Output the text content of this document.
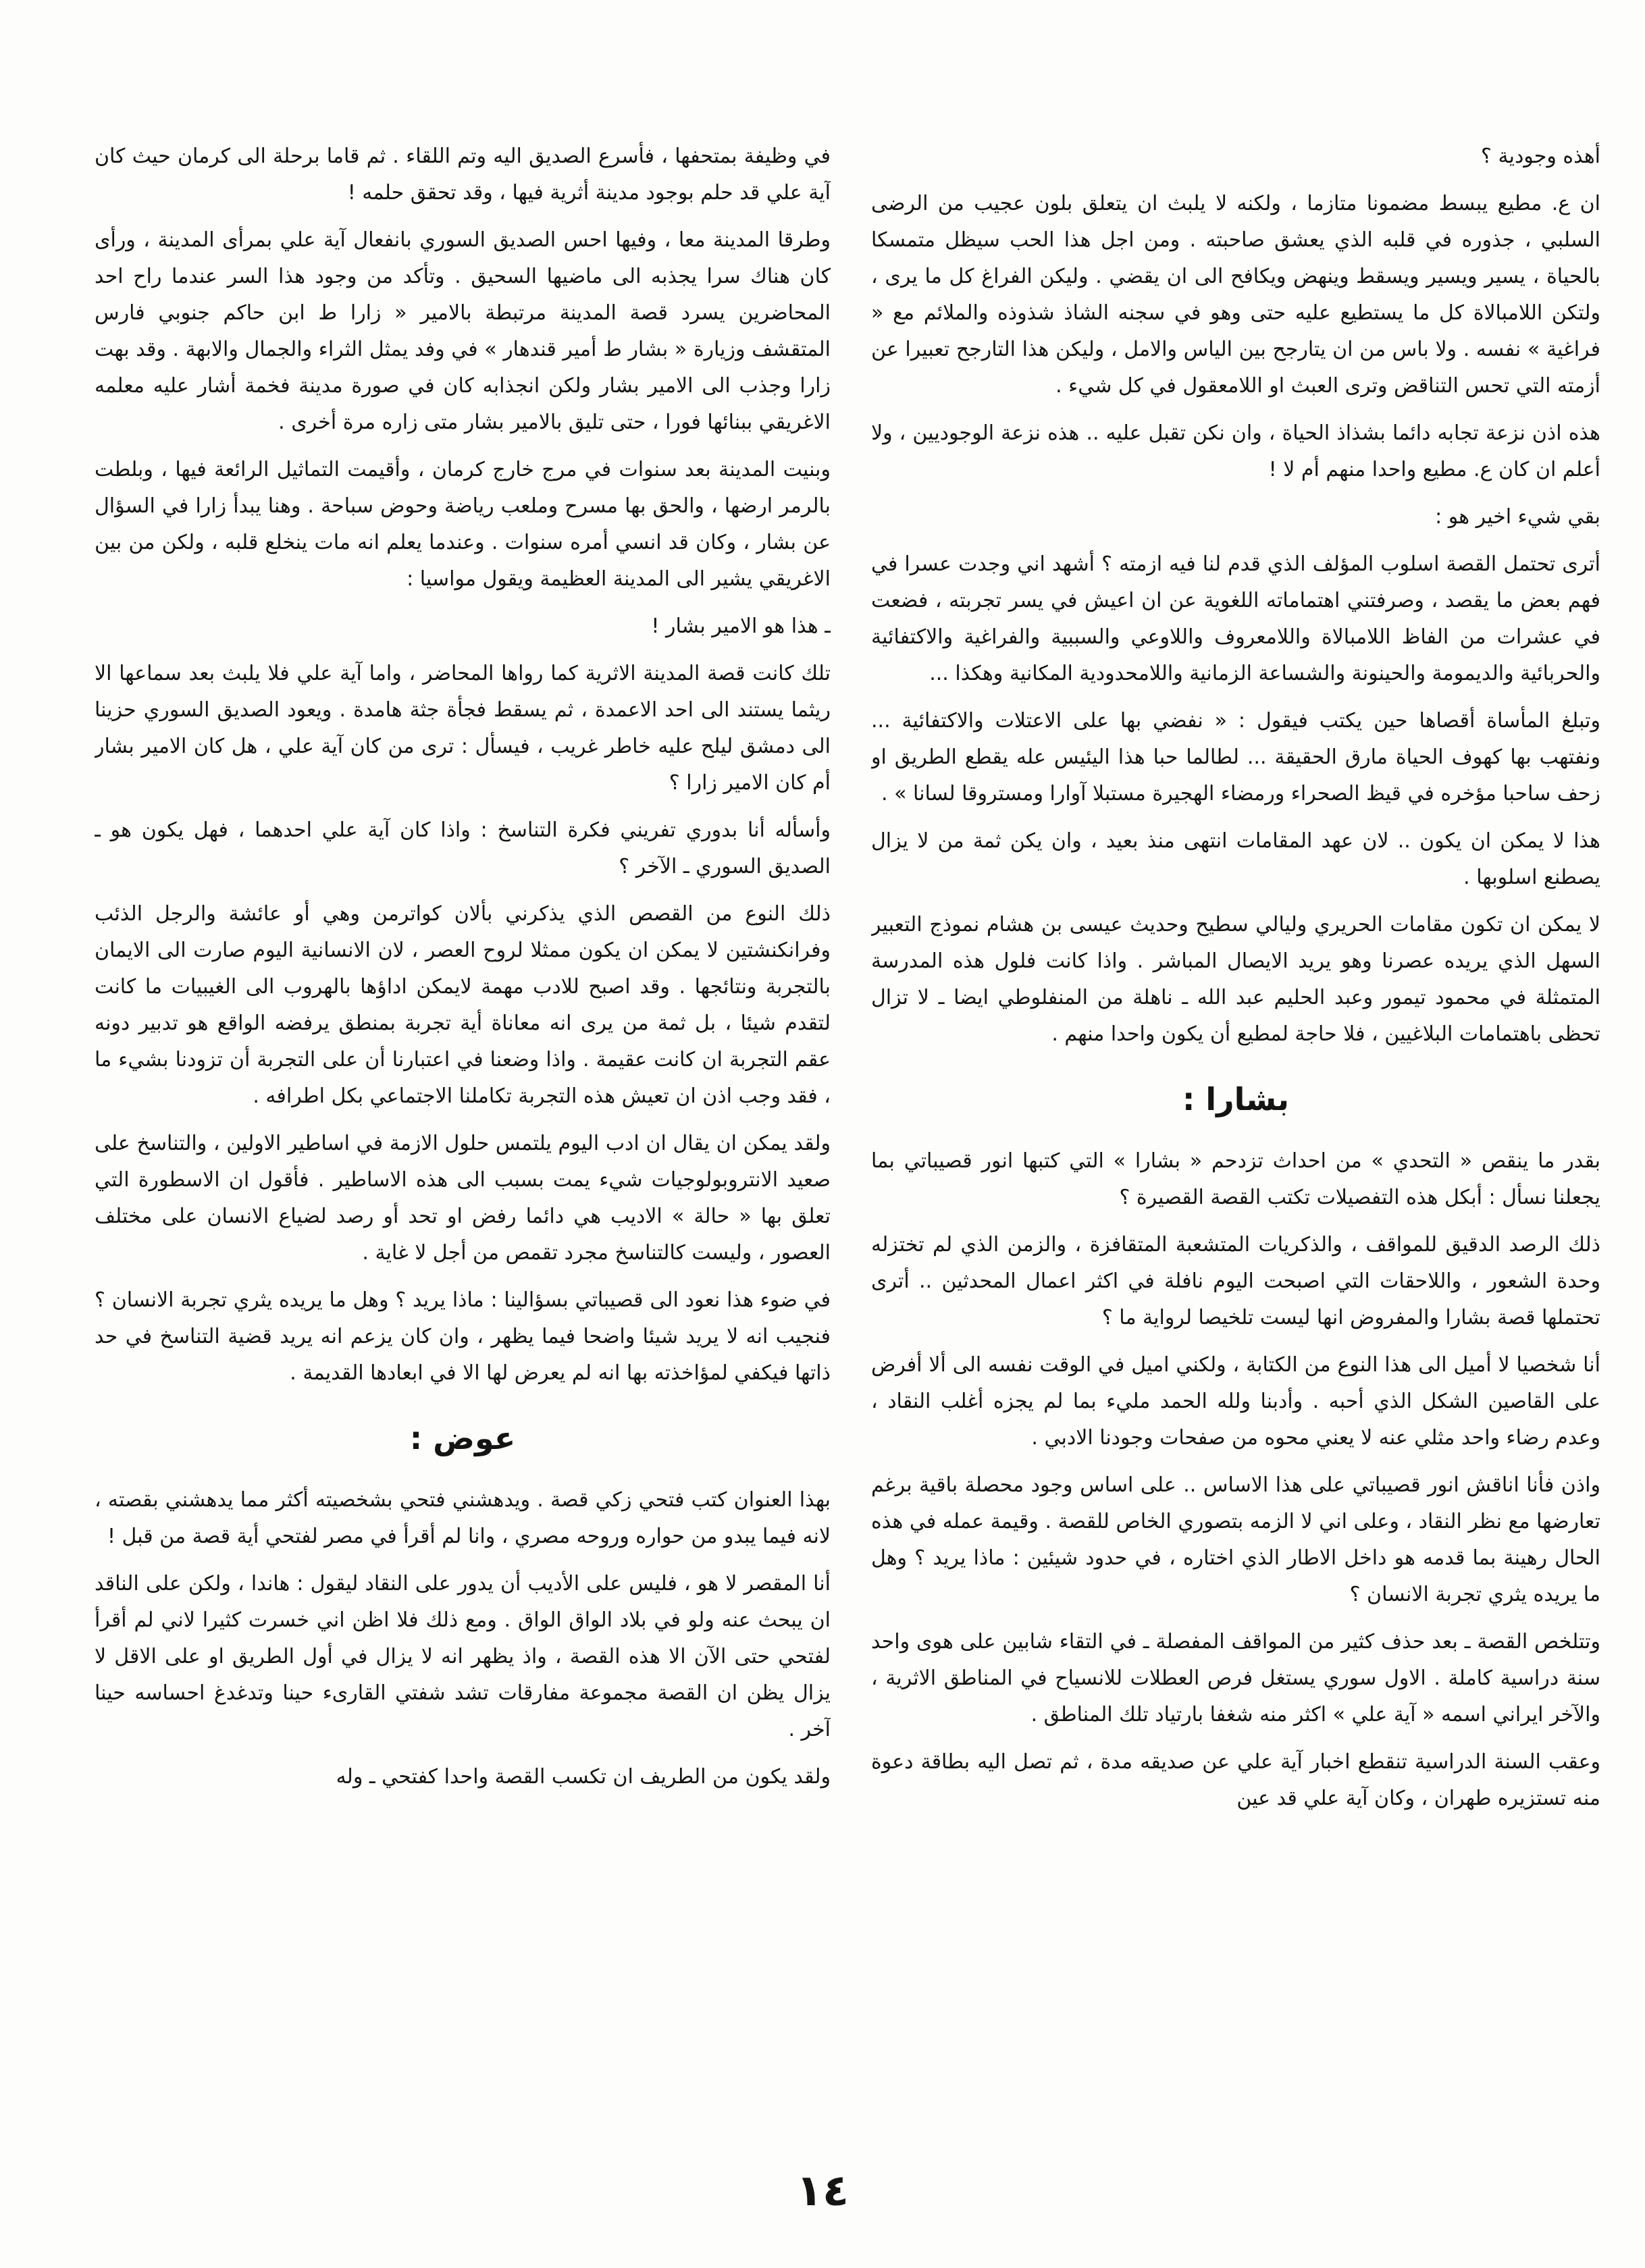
أهذه وجودية ؟

ان ع. مطيع يبسط مضمونا متازما ، ولكنه لا يلبث ان يتعلق بلون عجيب من الرضى السلبي ، جذوره في قلبه الذي يعشق صاحبته . ومن اجل هذا الحب سيظل متمسكا بالحياة ، يسير ويسير ويسقط وينهض ويكافح الى ان يقضي . وليكن الفراغ كل ما يرى ، ولتكن اللامبالاة كل ما يستطيع عليه حتى وهو في سجنه الشاذ شذوذه والملائم مع « فراغية » نفسه . ولا باس من ان يتارجح بين الياس والامل ، وليكن هذا التارجح تعبيرا عن أزمته التي تحس التناقض وترى العبث او اللامعقول في كل شيء .

هذه اذن نزعة تجابه دائما بشذاذ الحياة ، وان نكن تقبل عليه .. هذه نزعة الوجوديين ، ولا أعلم ان كان ع. مطيع واحدا منهم أم لا !

بقي شيء اخير هو :

أترى تحتمل القصة اسلوب المؤلف الذي قدم لنا فيه ازمته ؟ أشهد اني وجدت عسرا في فهم بعض ما يقصد ، وصرفتني اهتماماته اللغوية عن ان اعيش في يسر تجربته ، فضعت في عشرات من الفاظ اللامبالاة واللامعروف واللاوعي والسببية والفراغية والاكتفائية والحربائية والديمومة والحينونة والشساعة الزمانية واللامحدودية المكانية وهكذا ...

وتبلغ المأساة أقصاها حين يكتب فيقول : « نفضي بها على الاعتلات والاكتفائية ... ونفتهب بها كهوف الحياة مارق الحقيقة ... لطالما حبا هذا اليئيس عله يقطع الطريق او زحف ساحبا مؤخره في قيظ الصحراء ورمضاء الهجيرة مستبلا آوارا ومستروقا لسانا » .

هذا لا يمكن ان يكون .. لان عهد المقامات انتهى منذ بعيد ، وان يكن ثمة من لا يزال يصطنع اسلوبها .

لا يمكن ان تكون مقامات الحريري وليالي سطيح وحديث عيسى بن هشام نموذج التعبير السهل الذي يريده عصرنا وهو يريد الايصال المباشر . واذا كانت فلول هذه المدرسة المتمثلة في محمود تيمور وعبد الحليم عبد الله ـ ناهلة من المنفلوطي ايضا ـ لا تزال تحظى باهتمامات البلاغيين ، فلا حاجة لمطيع أن يكون واحدا منهم .

بشارا :

بقدر ما ينقص « التحدي » من احداث تزدحم « بشارا » التي كتبها انور قصيباتي بما يجعلنا نسأل : أبكل هذه التفصيلات تكتب القصة القصيرة ؟

ذلك الرصد الدقيق للمواقف ، والذكريات المتشعبة المتقافزة ، والزمن الذي لم تختزله وحدة الشعور ، واللاحقات التي اصبحت اليوم نافلة في اكثر اعمال المحدثين .. أترى تحتملها قصة بشارا والمفروض انها ليست تلخيصا لرواية ما ؟

أنا شخصيا لا أميل الى هذا النوع من الكتابة ، ولكني اميل في الوقت نفسه الى ألا أفرض على القاصين الشكل الذي أحبه . وأدبنا ولله الحمد مليء بما لم يجزه أغلب النقاد ، وعدم رضاء واحد مثلي عنه لا يعني محوه من صفحات وجودنا الادبي .

واذن فأنا اناقش انور قصيباتي على هذا الاساس .. على اساس وجود محصلة باقية برغم تعارضها مع نظر النقاد ، وعلى اني لا الزمه بتصوري الخاص للقصة . وقيمة عمله في هذه الحال رهينة بما قدمه هو داخل الاطار الذي اختاره ، في حدود شيئين : ماذا يريد ؟ وهل ما يريده يثري تجربة الانسان ؟

وتتلخص القصة ـ بعد حذف كثير من المواقف المفصلة ـ في التقاء شابين على هوى واحد سنة دراسية كاملة . الاول سوري يستغل فرص العطلات للانسياح في المناطق الاثرية ، والآخر ايراني اسمه « آية علي » اكثر منه شغفا بارتياد تلك المناطق .

وعقب السنة الدراسية تنقطع اخبار آية علي عن صديقه مدة ، ثم تصل اليه بطاقة دعوة منه تستزيره طهران ، وكان آية علي قد عين

في وظيفة بمتحفها ، فأسرع الصديق اليه وتم اللقاء . ثم قاما برحلة الى كرمان حيث كان آية علي قد حلم بوجود مدينة أثرية فيها ، وقد تحقق حلمه !

وطرقا المدينة معا ، وفيها احس الصديق السوري بانفعال آية علي بمرأى المدينة ، ورأى كان هناك سرا يجذبه الى ماضيها السحيق . وتأكد من وجود هذا السر عندما راح احد المحاضرين يسرد قصة المدينة مرتبطة بالامير « زارا ط ابن حاكم جنوبي فارس المتقشف وزيارة « بشار ط أمير قندهار » في وفد يمثل الثراء والجمال والابهة . وقد بهت زارا وجذب الى الامير بشار ولكن انجذابه كان في صورة مدينة فخمة أشار عليه معلمه الاغريقي ببنائها فورا ، حتى تليق بالامير بشار متى زاره مرة أخرى .

وبنيت المدينة بعد سنوات في مرج خارج كرمان ، وأقيمت التماثيل الرائعة فيها ، وبلطت بالرمر ارضها ، والحق بها مسرح وملعب رياضة وحوض سباحة . وهنا يبدأ زارا في السؤال عن بشار ، وكان قد انسي أمره سنوات . وعندما يعلم انه مات ينخلع قلبه ، ولكن من بين الاغريقي يشير الى المدينة العظيمة ويقول مواسيا :

ـ هذا هو الامير بشار !

تلك كانت قصة المدينة الاثرية كما رواها المحاضر ، واما آية علي فلا يلبث بعد سماعها الا ريثما يستند الى احد الاعمدة ، ثم يسقط فجأة جثة هامدة . ويعود الصديق السوري حزينا الى دمشق ليلح عليه خاطر غريب ، فيسأل : ترى من كان آية علي ، هل كان الامير بشار أم كان الامير زارا ؟

وأسأله أنا بدوري تفريني فكرة التناسخ : واذا كان آية علي احدهما ، فهل يكون هو ـ الصديق السوري ـ الآخر ؟

ذلك النوع من القصص الذي يذكرني بألان كواترمن وهي أو عائشة والرجل الذئب وفرانكنشتين لا يمكن ان يكون ممثلا لروح العصر ، لان الانسانية اليوم صارت الى الايمان بالتجربة ونتائجها . وقد اصبح للادب مهمة لايمكن اداؤها بالهروب الى الغيبيات ما كانت لتقدم شيئا ، بل ثمة من يرى انه معاناة أية تجربة بمنطق يرفضه الواقع هو تدبير دونه عقم التجربة ان كانت عقيمة . واذا وضعنا في اعتبارنا أن على التجربة أن تزودنا بشيء ما ، فقد وجب اذن ان تعيش هذه التجربة تكاملنا الاجتماعي بكل اطرافه .

ولقد يمكن ان يقال ان ادب اليوم يلتمس حلول الازمة في اساطير الاولين ، والتناسخ على صعيد الانتروبولوجيات شيء يمت بسبب الى هذه الاساطير . فأقول ان الاسطورة التي تعلق بها « حالة » الاديب هي دائما رفض او تحد أو رصد لضياع الانسان على مختلف العصور ، وليست كالتناسخ مجرد تقمص من أجل لا غاية .

في ضوء هذا نعود الى قصيباتي بسؤالينا : ماذا يريد ؟ وهل ما يريده يثري تجربة الانسان ؟ فنجيب انه لا يريد شيئا واضحا فيما يظهر ، وان كان يزعم انه يريد قضية التناسخ في حد ذاتها فيكفي لمؤاخذته بها انه لم يعرض لها الا في ابعادها القديمة .

عوض :

بهذا العنوان كتب فتحي زكي قصة . ويدهشني فتحي بشخصيته أكثر مما يدهشني بقصته ، لانه فيما يبدو من حواره وروحه مصري ، وانا لم أقرأ في مصر لفتحي أية قصة من قبل !

أنا المقصر لا هو ، فليس على الأديب أن يدور على النقاد ليقول : هاندا ، ولكن على الناقد ان يبحث عنه ولو في بلاد الواق الواق . ومع ذلك فلا اظن اني خسرت كثيرا لاني لم أقرأ لفتحي حتى الآن الا هذه القصة ، واذ يظهر انه لا يزال في أول الطريق او على الاقل لا يزال يظن ان القصة مجموعة مفارقات تشد شفتي القارىء حينا وتدغدغ احساسه حينا آخر .

ولقد يكون من الطريف ان تكسب القصة واحدا كفتحي ـ وله

١٤
